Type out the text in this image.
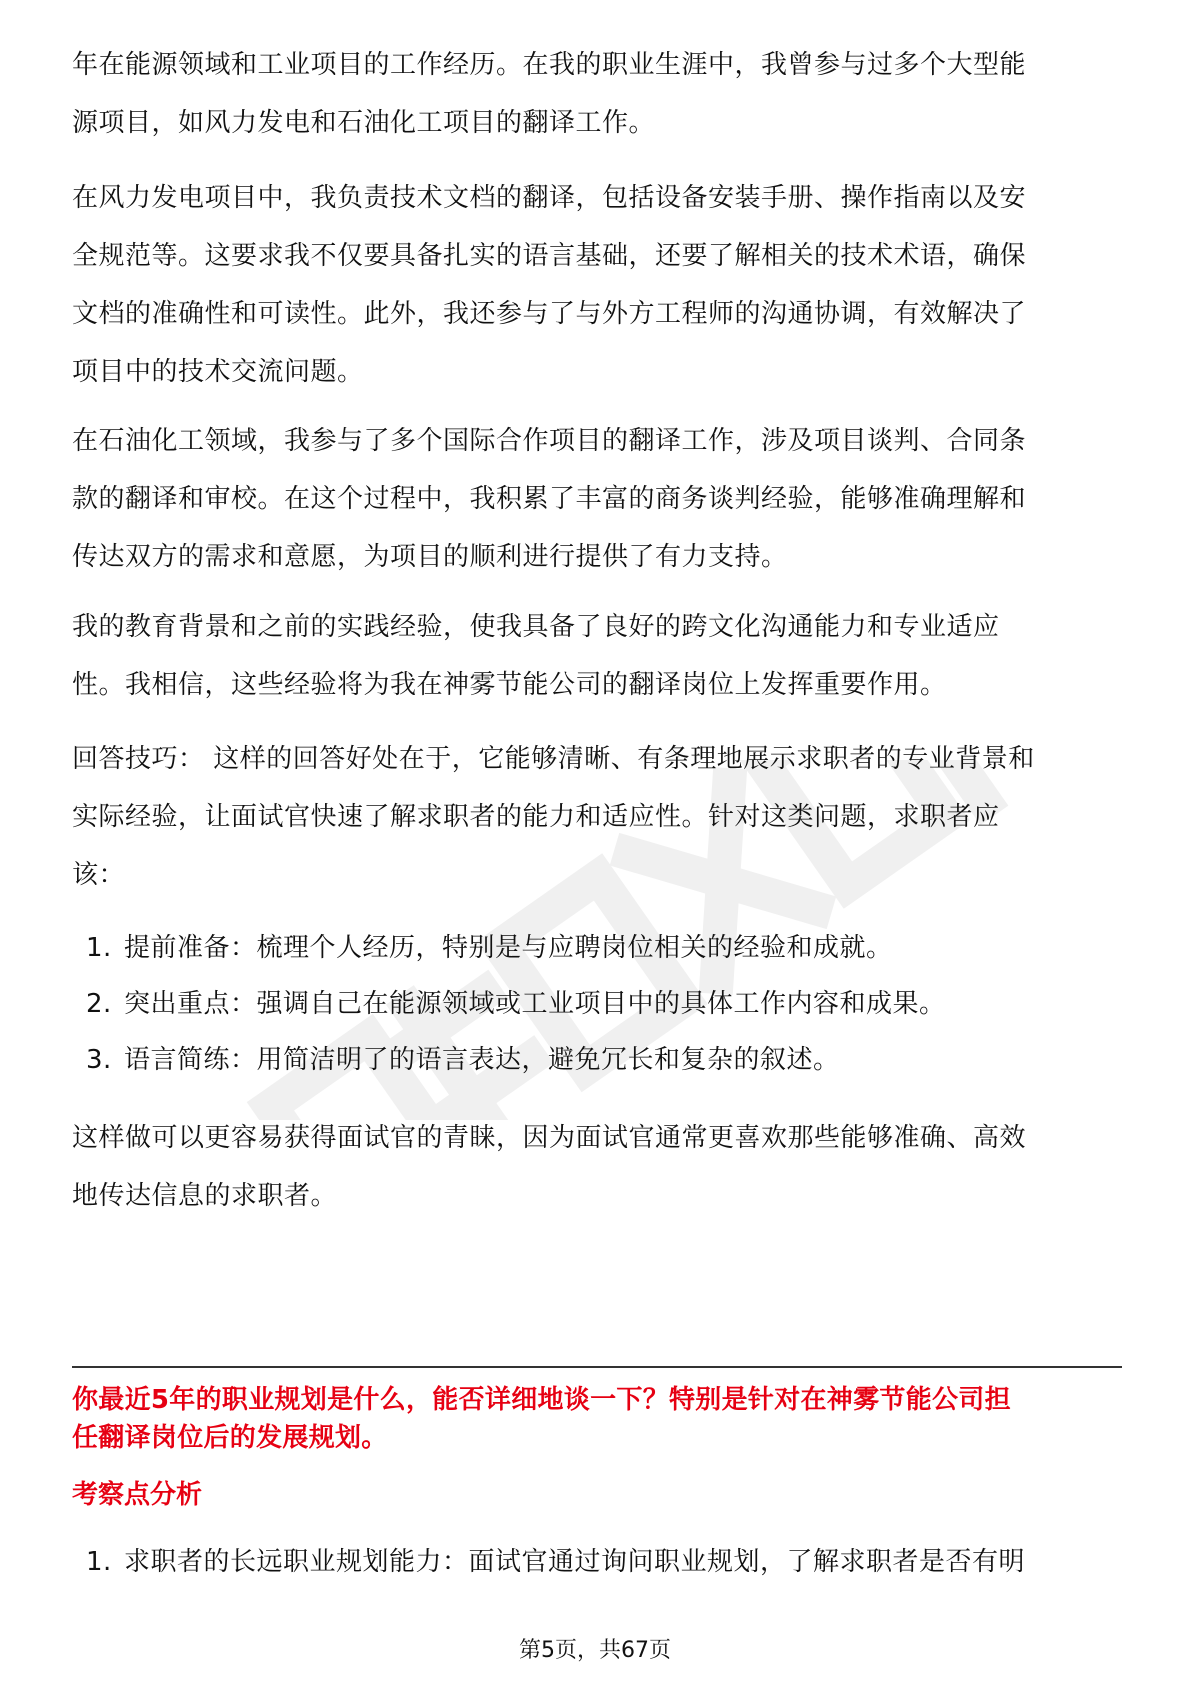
年在能源领域和工业项目的工作经历。在我的职业生涯中，我曾参与过多个大型能
源项目，如风力发电和石油化工项目的翻译工作。

在风力发电项目中，我负责技术文档的翻译，包括设备安装手册、操作指南以及安
全规范等。这要求我不仅要具备扎实的语言基础，还要了解相关的技术术语，确保
文档的准确性和可读性。此外，我还参与了与外方工程师的沟通协调，有效解决了
项目中的技术交流问题。

在石油化工领域，我参与了多个国际合作项目的翻译工作，涉及项目谈判、合同条
款的翻译和审校。在这个过程中，我积累了丰富的商务谈判经验，能够准确理解和
传达双方的需求和意愿，为项目的顺利进行提供了有力支持。

我的教育背景和之前的实践经验，使我具备了良好的跨文化沟通能力和专业适应
性。我相信，这些经验将为我在神雾节能公司的翻译岗位上发挥重要作用。

回答技巧： 这样的回答好处在于，它能够清晰、有条理地展示求职者的专业背景和
实际经验，让面试官快速了解求职者的能力和适应性。针对这类问题，求职者应
该：

1. 提前准备：梳理个人经历，特别是与应聘岗位相关的经验和成就。
2. 突出重点：强调自己在能源领域或工业项目中的具体工作内容和成果。
3. 语言简练：用简洁明了的语言表达，避免冗长和复杂的叙述。

这样做可以更容易获得面试官的青睐，因为面试官通常更喜欢那些能够准确、高效
地传达信息的求职者。

你最近5年的职业规划是什么，能否详细地谈一下？特别是针对在神雾节能公司担
任翻译岗位后的发展规划。

考察点分析

1. 求职者的长远职业规划能力：面试官通过询问职业规划，了解求职者是否有明
第5页，共67页
